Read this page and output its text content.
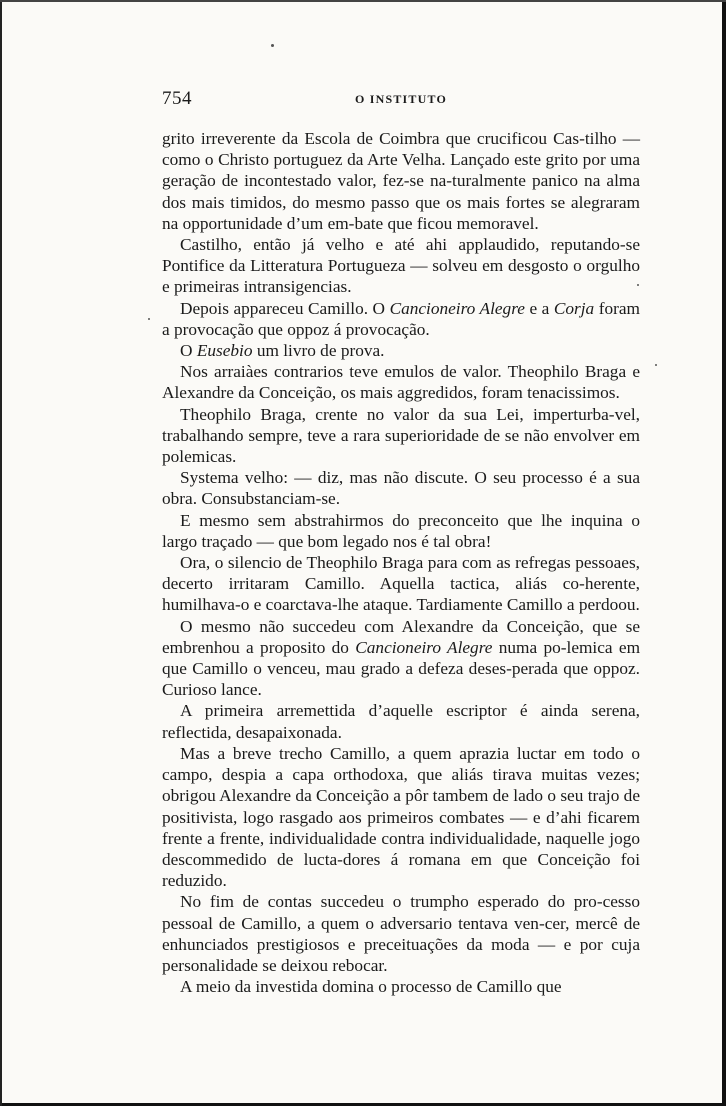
754	O INSTITUTO

grito irreverente da Escola de Coimbra que crucificou Cas-tilho — como o Christo portuguez da Arte Velha. Lançado este grito por uma geração de incontestado valor, fez-se na-turalmente panico na alma dos mais timidos, do mesmo passo que os mais fortes se alegraram na opportunidade d’um em-bate que ficou memoravel.

Castilho, então já velho e até ahi applaudido, reputando-se Pontifice da Litteratura Portugueza — solveu em desgosto o orgulho e primeiras intransigencias.

Depois appareceu Camillo. O Cancioneiro Alegre e a Corja foram a provocação que oppoz á provocação.

O Eusebio um livro de prova.

Nos arraiàes contrarios teve emulos de valor. Theophilo Braga e Alexandre da Conceição, os mais aggredidos, foram tenacissimos.

Theophilo Braga, crente no valor da sua Lei, imperturba-vel, trabalhando sempre, teve a rara superioridade de se não envolver em polemicas.

Systema velho: — diz, mas não discute. O seu processo é a sua obra. Consubstanciam-se.

E mesmo sem abstrahirmos do preconceito que lhe inquina o largo traçado — que bom legado nos é tal obra!

Ora, o silencio de Theophilo Braga para com as refregas pessoaes, decerto irritaram Camillo. Aquella tactica, aliás co-herente, humilhava-o e coarctava-lhe ataque. Tardiamente Camillo a perdoou.

O mesmo não succedeu com Alexandre da Conceição, que se embrenhou a proposito do Cancioneiro Alegre numa po-lemica em que Camillo o venceu, mau grado a defeza deses-perada que oppoz. Curioso lance.

A primeira arremettida d’aquelle escriptor é ainda serena, reflectida, desapaixonada.

Mas a breve trecho Camillo, a quem aprazia luctar em todo o campo, despia a capa orthodoxa, que aliás tirava muitas vezes; obrigou Alexandre da Conceição a pôr tambem de lado o seu trajo de positivista, logo rasgado aos primeiros combates — e d’ahi ficarem frente a frente, individualidade contra individualidade, naquelle jogo descommedido de lucta-dores á romana em que Conceição foi reduzido.

No fim de contas succedeu o trumpho esperado do pro-cesso pessoal de Camillo, a quem o adversario tentava ven-cer, mercê de enhunciados prestigiosos e preceituações da moda — e por cuja personalidade se deixou rebocar.

A meio da investida domina o processo de Camillo que
